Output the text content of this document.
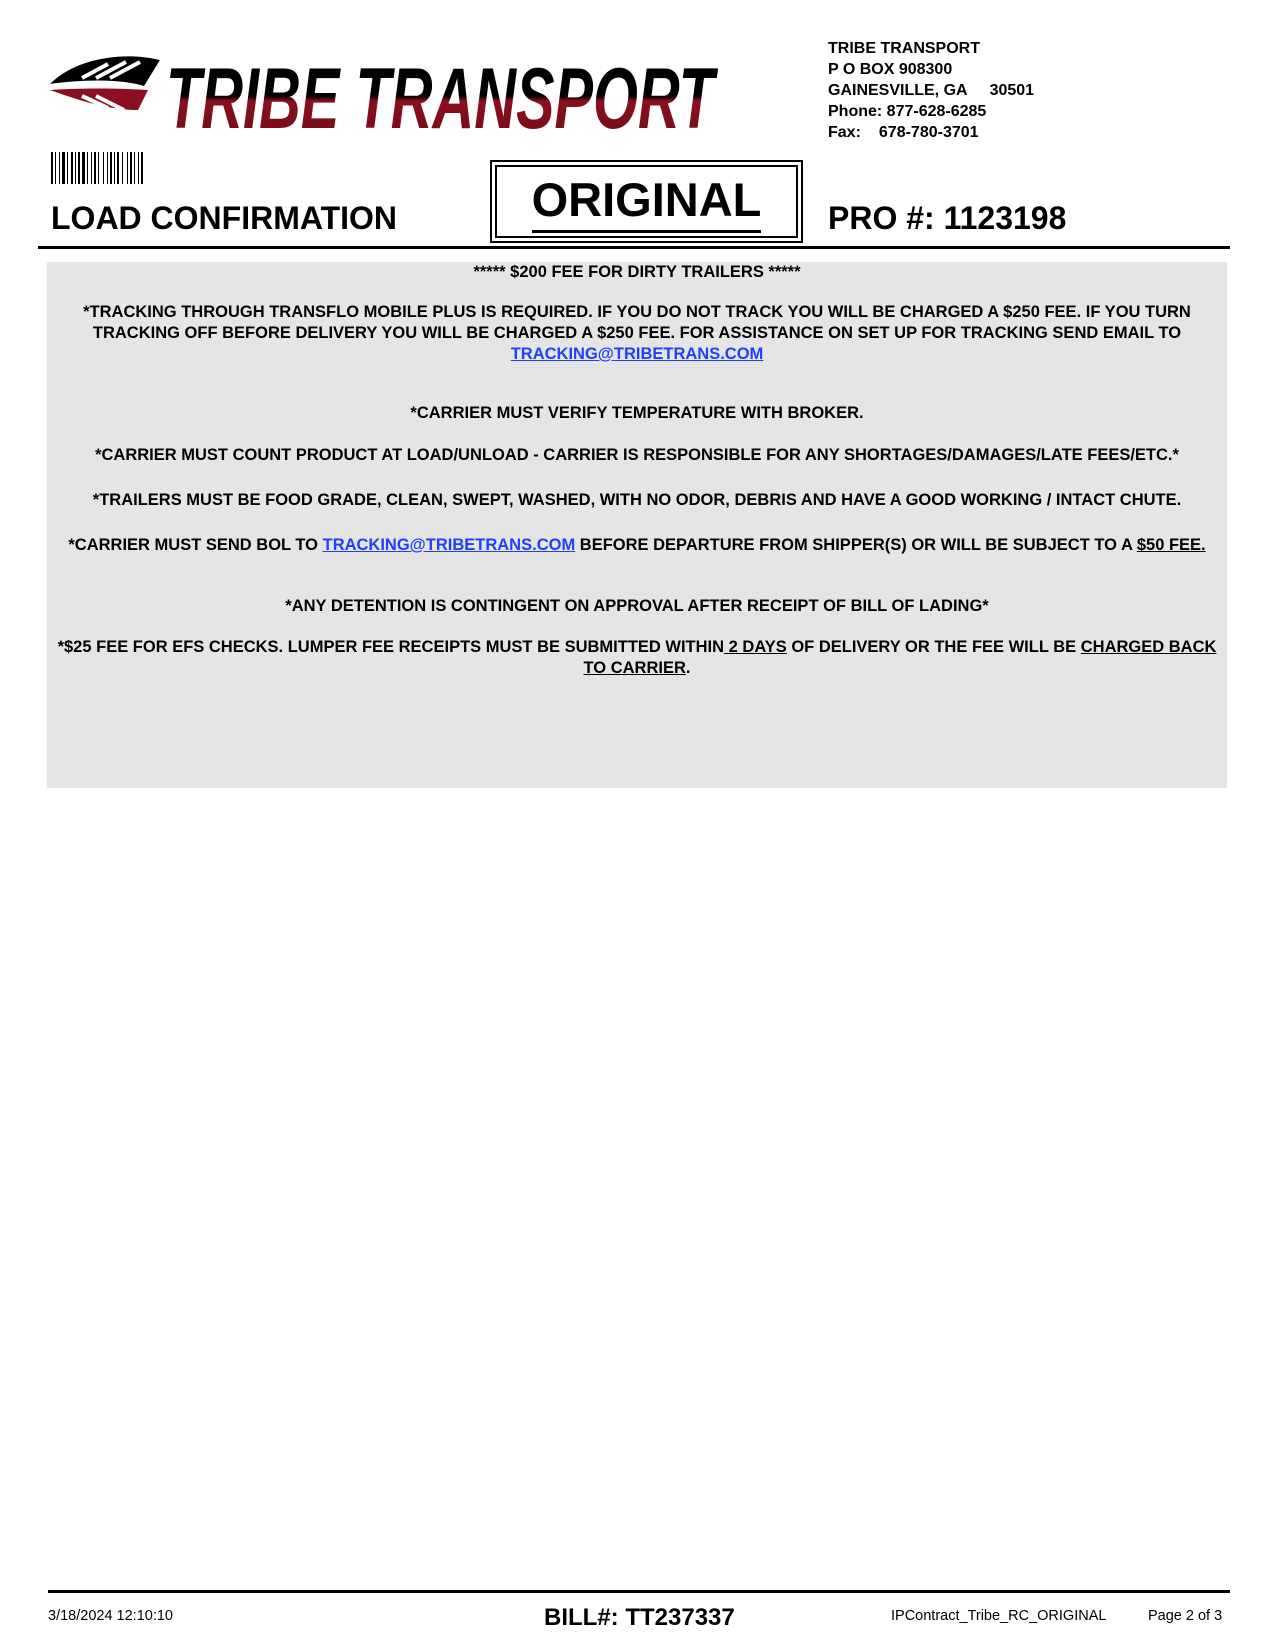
TRIBE TRANSPORT
TRIBE TRANSPORT
P O BOX 908300
GAINESVILLE, GA 30501
Phone: 877-628-6285
Fax: 678-780-3701
LOAD CONFIRMATION	ORIGINAL	PRO #: 1123198

***** $200 FEE FOR DIRTY TRAILERS *****

*TRACKING THROUGH TRANSFLO MOBILE PLUS IS REQUIRED. IF YOU DO NOT TRACK YOU WILL BE CHARGED A $250 FEE. IF YOU TURN TRACKING OFF BEFORE DELIVERY YOU WILL BE CHARGED A $250 FEE. FOR ASSISTANCE ON SET UP FOR TRACKING SEND EMAIL TO TRACKING@TRIBETRANS.COM

*CARRIER MUST VERIFY TEMPERATURE WITH BROKER.

*CARRIER MUST COUNT PRODUCT AT LOAD/UNLOAD - CARRIER IS RESPONSIBLE FOR ANY SHORTAGES/DAMAGES/LATE FEES/ETC.*

*TRAILERS MUST BE FOOD GRADE, CLEAN, SWEPT, WASHED, WITH NO ODOR, DEBRIS AND HAVE A GOOD WORKING / INTACT CHUTE.

*CARRIER MUST SEND BOL TO TRACKING@TRIBETRANS.COM BEFORE DEPARTURE FROM SHIPPER(S) OR WILL BE SUBJECT TO A $50 FEE.

*ANY DETENTION IS CONTINGENT ON APPROVAL AFTER RECEIPT OF BILL OF LADING*

*$25 FEE FOR EFS CHECKS. LUMPER FEE RECEIPTS MUST BE SUBMITTED WITHIN 2 DAYS OF DELIVERY OR THE FEE WILL BE CHARGED BACK TO CARRIER.

3/18/2024 12:10:10	BILL#: TT237337	IPContract_Tribe_RC_ORIGINAL	Page 2 of 3
